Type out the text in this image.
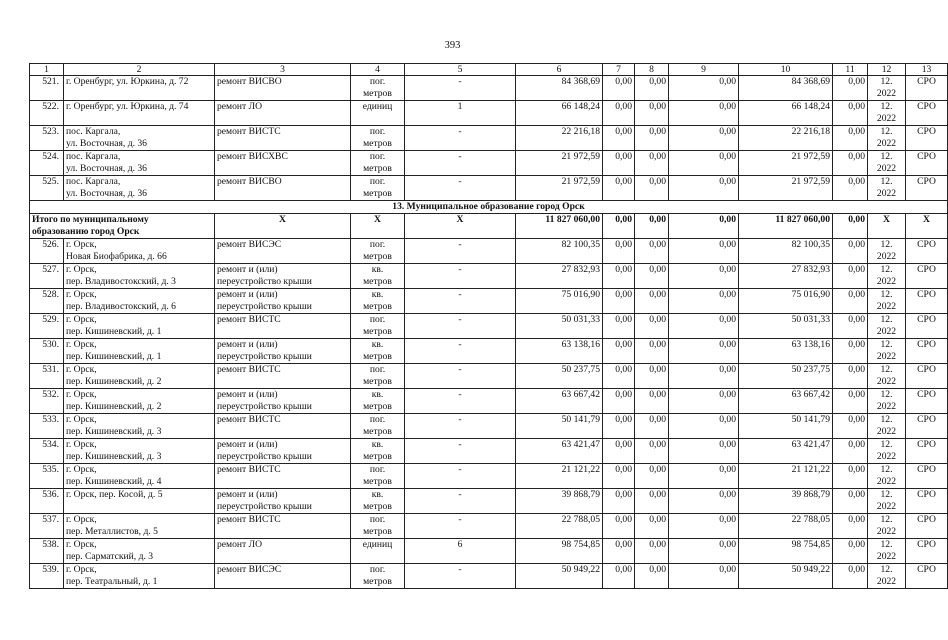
393
1	2	3	4	5	6	7	8	9	10	11	12	13
521.	г. Оренбург, ул. Юркина, д. 72	ремонт ВИСВО	пог.
метров	-	84 368,69	0,00	0,00	0,00	84 368,69	0,00	12.
2022	СРО
522.	г. Оренбург, ул. Юркина, д. 74	ремонт ЛО	единиц	1	66 148,24	0,00	0,00	0,00	66 148,24	0,00	12.
2022	СРО
523.	пос. Каргала,
ул. Восточная, д. 36	ремонт ВИСТС	пог.
метров	-	22 216,18	0,00	0,00	0,00	22 216,18	0,00	12.
2022	СРО
524.	пос. Каргала,
ул. Восточная, д. 36	ремонт ВИСХВС	пог.
метров	-	21 972,59	0,00	0,00	0,00	21 972,59	0,00	12.
2022	СРО
525.	пос. Каргала,
ул. Восточная, д. 36	ремонт ВИСВО	пог.
метров	-	21 972,59	0,00	0,00	0,00	21 972,59	0,00	12.
2022	СРО
13. Муниципальное образование город Орск												

Итого по муниципальному
образованию город Орск		X	X	X	11 827 060,00	0,00	0,00	0,00	11 827 060,00	0,00	X	X
526.	г. Орск,
Новая Биофабрика, д. 66	ремонт ВИСЭС	пог.
метров	-	82 100,35	0,00	0,00	0,00	82 100,35	0,00	12.
2022	СРО
527.	г. Орск,
пер. Владивостокский, д. 3	ремонт и (или)
переустройство крыши	кв.
метров	-	27 832,93	0,00	0,00	0,00	27 832,93	0,00	12.
2022	СРО
528.	г. Орск,
пер. Владивостокский, д. 6	ремонт и (или)
переустройство крыши	кв.
метров	-	75 016,90	0,00	0,00	0,00	75 016,90	0,00	12.
2022	СРО
529.	г. Орск,
пер. Кишиневский, д. 1	ремонт ВИСТС	пог.
метров	-	50 031,33	0,00	0,00	0,00	50 031,33	0,00	12.
2022	СРО
530.	г. Орск,
пер. Кишиневский, д. 1	ремонт и (или)
переустройство крыши	кв.
метров	-	63 138,16	0,00	0,00	0,00	63 138,16	0,00	12.
2022	СРО
531.	г. Орск,
пер. Кишиневский, д. 2	ремонт ВИСТС	пог.
метров	-	50 237,75	0,00	0,00	0,00	50 237,75	0,00	12.
2022	СРО
532.	г. Орск,
пер. Кишиневский, д. 2	ремонт и (или)
переустройство крыши	кв.
метров	-	63 667,42	0,00	0,00	0,00	63 667,42	0,00	12.
2022	СРО
533.	г. Орск,
пер. Кишиневский, д. 3	ремонт ВИСТС	пог.
метров	-	50 141,79	0,00	0,00	0,00	50 141,79	0,00	12.
2022	СРО
534.	г. Орск,
пер. Кишиневский, д. 3	ремонт и (или)
переустройство крыши	кв.
метров	-	63 421,47	0,00	0,00	0,00	63 421,47	0,00	12.
2022	СРО
535.	г. Орск,
пер. Кишиневский, д. 4	ремонт ВИСТС	пог.
метров	-	21 121,22	0,00	0,00	0,00	21 121,22	0,00	12.
2022	СРО
536.	г. Орск, пер. Косой, д. 5	ремонт и (или)
переустройство крыши	кв.
метров	-	39 868,79	0,00	0,00	0,00	39 868,79	0,00	12.
2022	СРО
537.	г. Орск,
пер. Металлистов, д. 5	ремонт ВИСТС	пог.
метров	-	22 788,05	0,00	0,00	0,00	22 788,05	0,00	12.
2022	СРО
538.	г. Орск,
пер. Сарматский, д. 3	ремонт ЛО	единиц	6	98 754,85	0,00	0,00	0,00	98 754,85	0,00	12.
2022	СРО
539.	г. Орск,
пер. Театральный, д. 1	ремонт ВИСЭС	пог.
метров	-	50 949,22	0,00	0,00	0,00	50 949,22	0,00	12.
2022	СРО
